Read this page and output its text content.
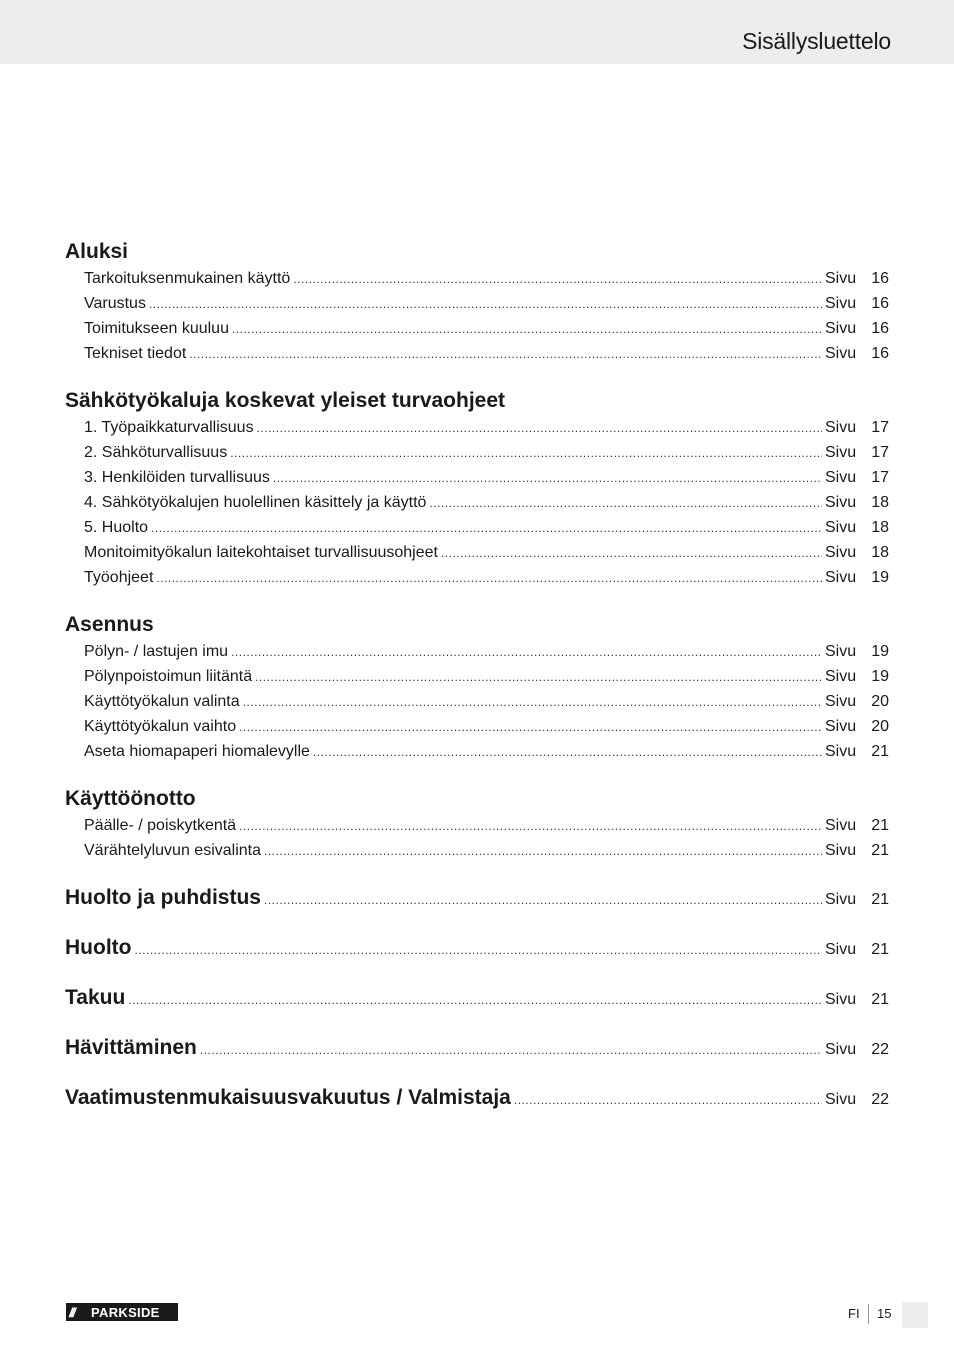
Sisällysluettelo
Aluksi
Tarkoituksenmukainen käyttö .....	Sivu 16
Varustus .....	Sivu 16
Toimitukseen kuuluu .....	Sivu 16
Tekniset tiedot .....	Sivu 16
Sähkötyökaluja koskevat yleiset turvaohjeet
1. Työpaikkaturvallisuus .....	Sivu 17
2. Sähköturvallisuus .....	Sivu 17
3. Henkilöiden turvallisuus .....	Sivu 17
4. Sähkötyökalujen huolellinen käsittely ja käyttö .....	Sivu 18
5. Huolto .....	Sivu 18
Monitoimityökalun laitekohtaiset turvallisuusohjeet .....	Sivu 18
Työohjeet .....	Sivu 19
Asennus
Pölyn- / lastujen imu .....	Sivu 19
Pölynpoistoimun liitäntä .....	Sivu 19
Käyttötyökalun valinta .....	Sivu 20
Käyttötyökalun vaihto .....	Sivu 20
Aseta hiomapaperi hiomalevylle .....	Sivu 21
Käyttöönotto
Päälle- / poiskytkentä .....	Sivu 21
Värähtelyluvun esivalinta .....	Sivu 21
Huolto ja puhdistus .....	Sivu 21
Huolto .....	Sivu 21
Takuu .....	Sivu 21
Hävittäminen .....	Sivu 22
Vaatimustenmukaisuusvakuutus / Valmistaja .....	Sivu 22
///	PARKSIDE	FI 15
